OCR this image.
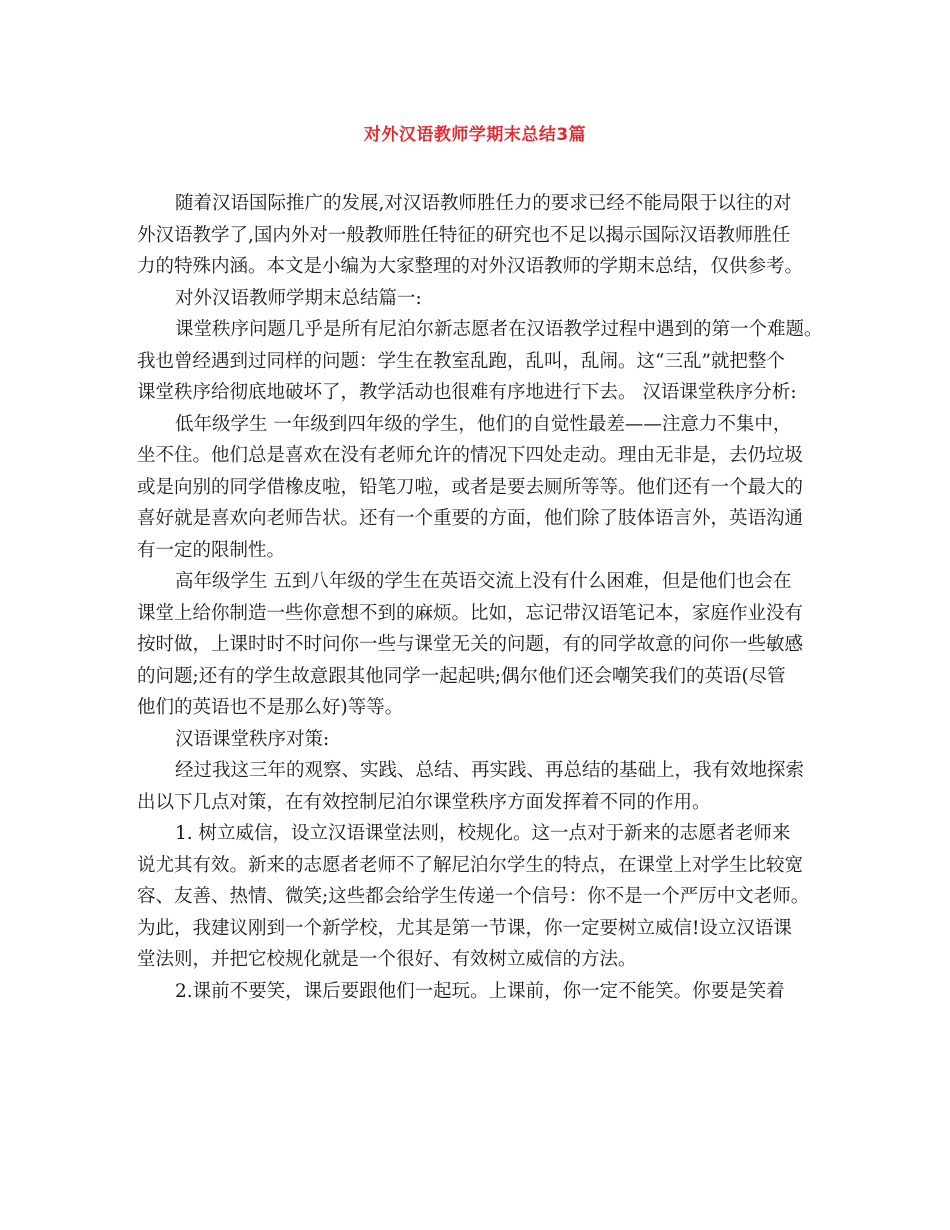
对外汉语教师学期末总结3篇
随着汉语国际推广的发展,对汉语教师胜任力的要求已经不能局限于以往的对
外汉语教学了,国内外对一般教师胜任特征的研究也不足以揭示国际汉语教师胜任
力的特殊内涵。本文是小编为大家整理的对外汉语教师的学期末总结，仅供参考。
对外汉语教师学期末总结篇一:
课堂秩序问题几乎是所有尼泊尔新志愿者在汉语教学过程中遇到的第一个难题。
我也曾经遇到过同样的问题：学生在教室乱跑，乱叫，乱闹。这“三乱”就把整个
课堂秩序给彻底地破坏了，教学活动也很难有序地进行下去。 汉语课堂秩序分析:
低年级学生 一年级到四年级的学生，他们的自觉性最差——注意力不集中，
坐不住。他们总是喜欢在没有老师允许的情况下四处走动。理由无非是，去仍垃圾
或是向别的同学借橡皮啦，铅笔刀啦，或者是要去厕所等等。他们还有一个最大的
喜好就是喜欢向老师告状。还有一个重要的方面，他们除了肢体语言外，英语沟通
有一定的限制性。
高年级学生 五到八年级的学生在英语交流上没有什么困难，但是他们也会在
课堂上给你制造一些你意想不到的麻烦。比如，忘记带汉语笔记本，家庭作业没有
按时做，上课时时不时问你一些与课堂无关的问题，有的同学故意的问你一些敏感
的问题;还有的学生故意跟其他同学一起起哄;偶尔他们还会嘲笑我们的英语(尽管
他们的英语也不是那么好)等等。
汉语课堂秩序对策:
经过我这三年的观察、实践、总结、再实践、再总结的基础上，我有效地探索
出以下几点对策，在有效控制尼泊尔课堂秩序方面发挥着不同的作用。
1. 树立威信，设立汉语课堂法则，校规化。这一点对于新来的志愿者老师来
说尤其有效。新来的志愿者老师不了解尼泊尔学生的特点，在课堂上对学生比较宽
容、友善、热情、微笑;这些都会给学生传递一个信号：你不是一个严厉中文老师。
为此，我建议刚到一个新学校，尤其是第一节课，你一定要树立威信!设立汉语课
堂法则，并把它校规化就是一个很好、有效树立威信的方法。
2.课前不要笑，课后要跟他们一起玩。上课前，你一定不能笑。你要是笑着
